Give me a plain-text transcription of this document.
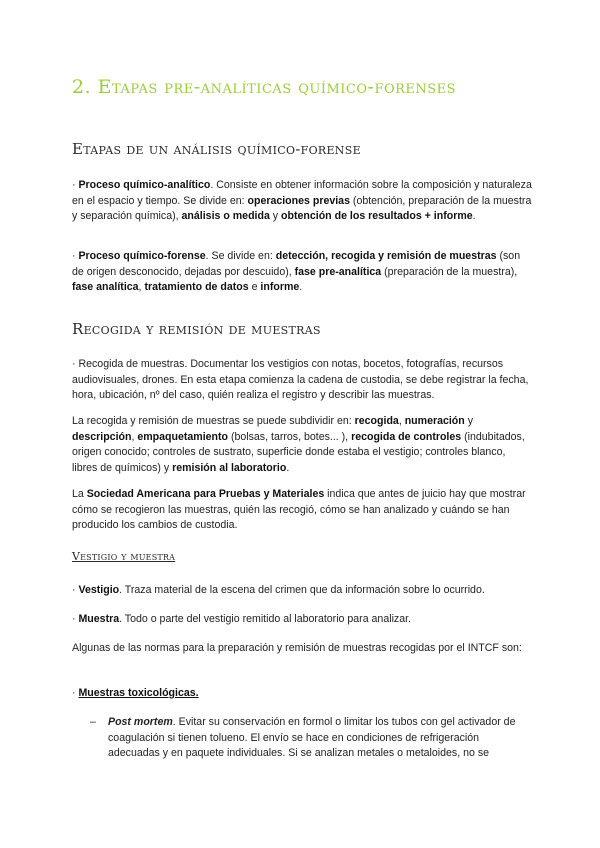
2. Etapas pre-analíticas químico-forenses
Etapas de un análisis químico-forense
· Proceso químico-analítico. Consiste en obtener información sobre la composición y naturaleza en el espacio y tiempo. Se divide en: operaciones previas (obtención, preparación de la muestra y separación química), análisis o medida y obtención de los resultados + informe.
· Proceso químico-forense. Se divide en: detección, recogida y remisión de muestras (son de origen desconocido, dejadas por descuido), fase pre-analítica (preparación de la muestra), fase analítica, tratamiento de datos e informe.
Recogida y remisión de muestras
· Recogida de muestras. Documentar los vestigios con notas, bocetos, fotografías, recursos audiovisuales, drones. En esta etapa comienza la cadena de custodia, se debe registrar la fecha, hora, ubicación, nº del caso, quién realiza el registro y describir las muestras.
La recogida y remisión de muestras se puede subdividir en: recogida, numeración y descripción, empaquetamiento (bolsas, tarros, botes... ), recogida de controles (indubitados, origen conocido; controles de sustrato, superficie donde estaba el vestigio; controles blanco, libres de químicos) y remisión al laboratorio.
La Sociedad Americana para Pruebas y Materiales indica que antes de juicio hay que mostrar cómo se recogieron las muestras, quién las recogió, cómo se han analizado y cuándo se han producido los cambios de custodia.
Vestigio y muestra
· Vestigio. Traza material de la escena del crimen que da información sobre lo ocurrido.
· Muestra. Todo o parte del vestigio remitido al laboratorio para analizar.
Algunas de las normas para la preparación y remisión de muestras recogidas por el INTCF son:
· Muestras toxicológicas.
– Post mortem. Evitar su conservación en formol o limitar los tubos con gel activador de coagulación si tienen tolueno. El envío se hace en condiciones de refrigeración adecuadas y en paquete individuales. Si se analizan metales o metaloides, no se
